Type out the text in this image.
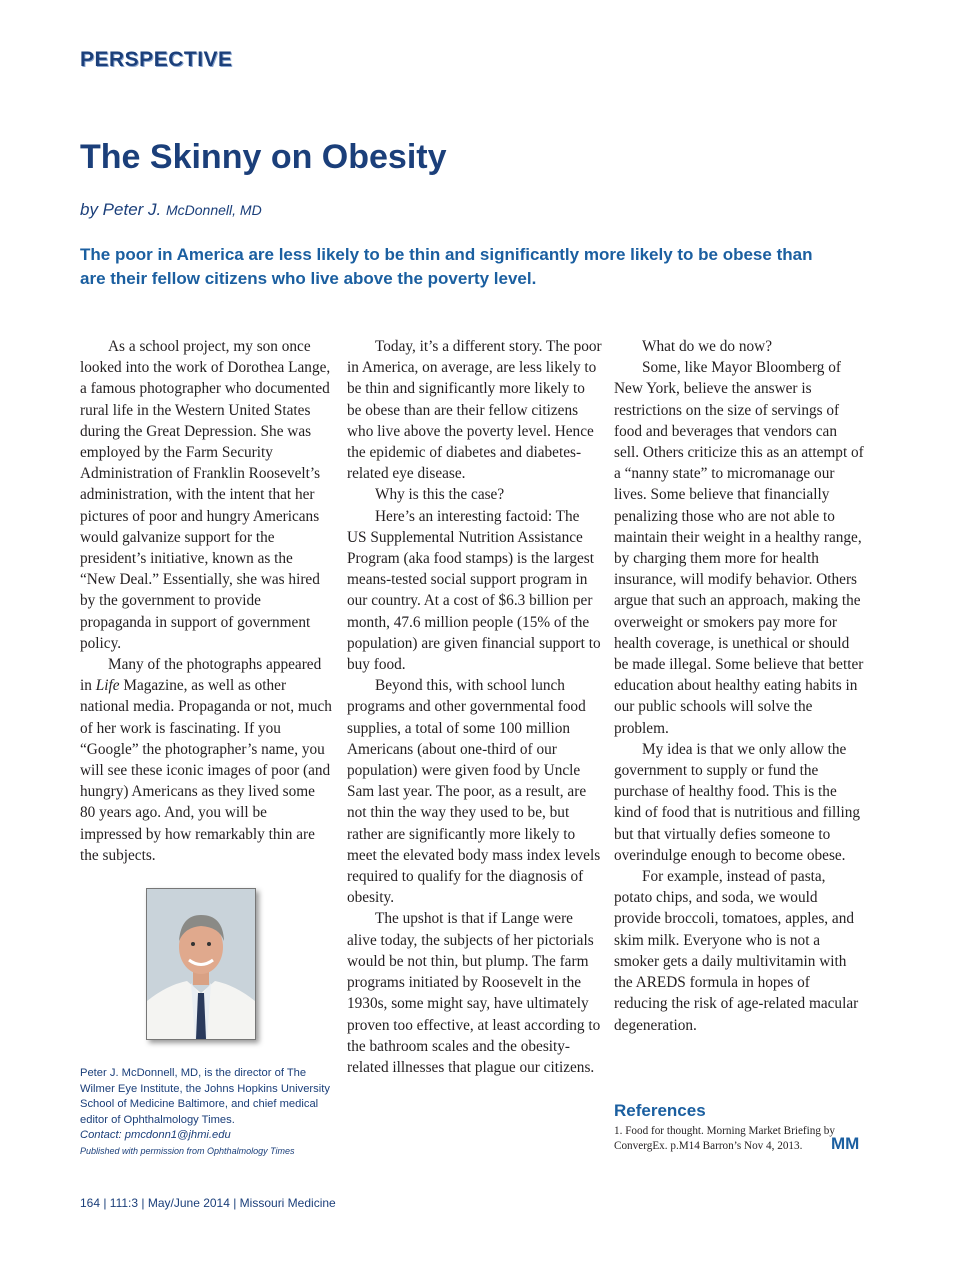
PERSPECTIVE
The Skinny on Obesity
by Peter J. McDonnell, MD
The poor in America are less likely to be thin and significantly more likely to be obese than are their fellow citizens who live above the poverty level.

As a school project, my son once looked into the work of Dorothea Lange, a famous photographer who documented rural life in the Western United States during the Great Depression. She was employed by the Farm Security Administration of Franklin Roosevelt’s administration, with the intent that her pictures of poor and hungry Americans would galvanize support for the president’s initiative, known as the “New Deal.” Essentially, she was hired by the government to provide propaganda in support of government policy.

Many of the photographs appeared in Life Magazine, as well as other national media. Propaganda or not, much of her work is fascinating. If you “Google” the photographer’s name, you will see these iconic images of poor (and hungry) Americans as they lived some 80 years ago. And, you will be impressed by how remarkably thin are the subjects.

Today, it’s a different story. The poor in America, on average, are less likely to be thin and significantly more likely to be obese than are their fellow citizens who live above the poverty level. Hence the epidemic of diabetes and diabetes-related eye disease.

Why is this the case?

Here’s an interesting factoid: The US Supplemental Nutrition Assistance Program (aka food stamps) is the largest means-tested social support program in our country. At a cost of $6.3 billion per month, 47.6 million people (15% of the population) are given financial support to buy food.

Beyond this, with school lunch programs and other governmental food supplies, a total of some 100 million Americans (about one-third of our population) were given food by Uncle Sam last year. The poor, as a result, are not thin the way they used to be, but rather are significantly more likely to meet the elevated body mass index levels required to qualify for the diagnosis of obesity.

The upshot is that if Lange were alive today, the subjects of her pictorials would be not thin, but plump. The farm programs initiated by Roosevelt in the 1930s, some might say, have ultimately proven too effective, at least according to the bathroom scales and the obesity-related illnesses that plague our citizens.

What do we do now?

Some, like Mayor Bloomberg of New York, believe the answer is restrictions on the size of servings of food and beverages that vendors can sell. Others criticize this as an attempt of a “nanny state” to micromanage our lives. Some believe that financially penalizing those who are not able to maintain their weight in a healthy range, by charging them more for health insurance, will modify behavior. Others argue that such an approach, making the overweight or smokers pay more for health coverage, is unethical or should be made illegal. Some believe that better education about healthy eating habits in our public schools will solve the problem.

My idea is that we only allow the government to supply or fund the purchase of healthy food. This is the kind of food that is nutritious and filling but that virtually defies someone to overindulge enough to become obese.

For example, instead of pasta, potato chips, and soda, we would provide broccoli, tomatoes, apples, and skim milk. Everyone who is not a smoker gets a daily multivitamin with the AREDS formula in hopes of reducing the risk of age-related macular degeneration.

Peter J. McDonnell, MD, is the director of The Wilmer Eye Institute, the Johns Hopkins University School of Medicine Baltimore, and chief medical editor of Ophthalmology Times.
Contact: pmcdonn1@jhmi.edu
Published with permission from Ophthalmology Times
References
1. Food for thought. Morning Market Briefing by ConvergEx. p.M14 Barron’s Nov 4, 2013.	MM
164 | 111:3 | May/June 2014 | Missouri Medicine
